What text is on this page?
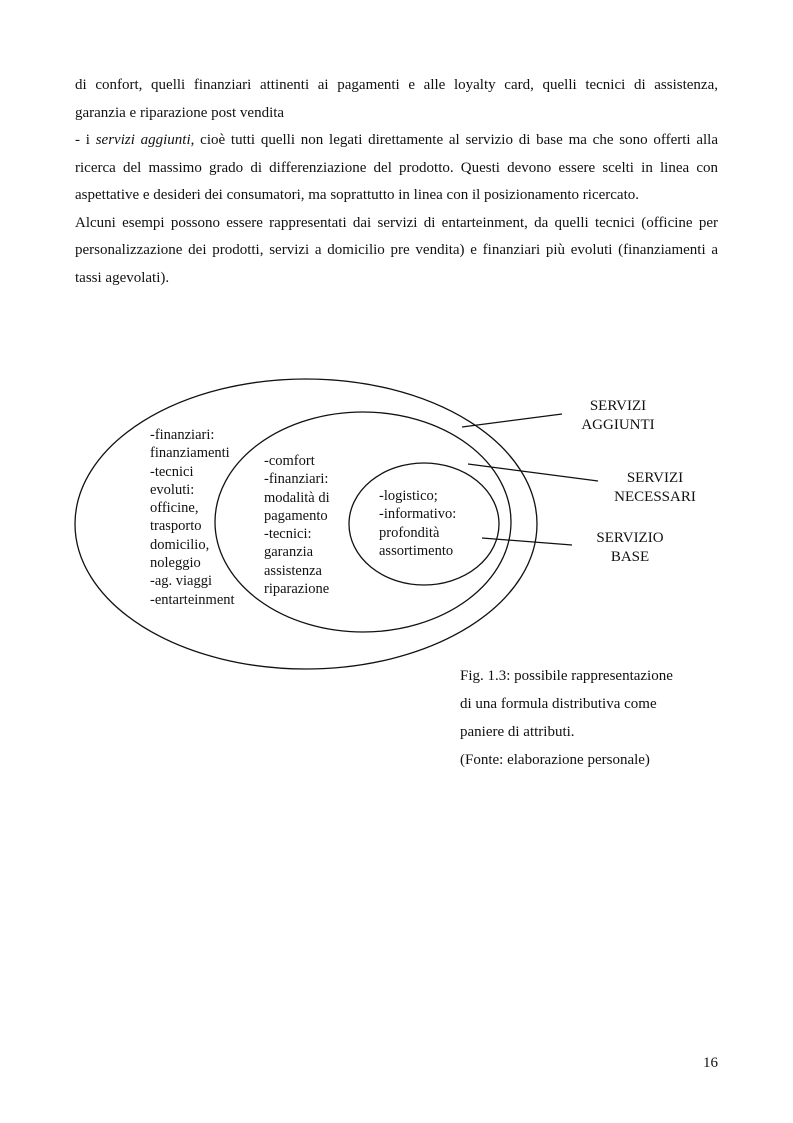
di confort, quelli finanziari attinenti ai pagamenti e alle loyalty card, quelli tecnici di assistenza,

garanzia e riparazione post vendita

- i servizi aggiunti, cioè tutti quelli non legati direttamente al servizio di base ma che sono offerti alla ricerca del massimo grado di differenziazione del prodotto. Questi devono essere scelti in linea con aspettative e desideri dei consumatori, ma soprattutto in linea con il posizionamento ricercato.

Alcuni esempi possono essere rappresentati dai servizi di entarteinment, da quelli tecnici (officine per personalizzazione dei prodotti, servizi a domicilio pre vendita) e finanziari più evoluti (finanziamenti a tassi agevolati).

-finanziari:
finanziamenti
-tecnici
evoluti:
officine,
trasporto
domicilio,
noleggio
-ag. viaggi
-entarteinment
-comfort
-finanziari:
modalità di
pagamento
-tecnici:
garanzia
assistenza
riparazione
-logistico;
-informativo:
profondità
assortimento
SERVIZI
AGGIUNTI
SERVIZI
NECESSARI
SERVIZIO
BASE
Fig. 1.3: possibile rappresentazione
di una formula distributiva come
paniere di attributi.
(Fonte: elaborazione personale)
16
